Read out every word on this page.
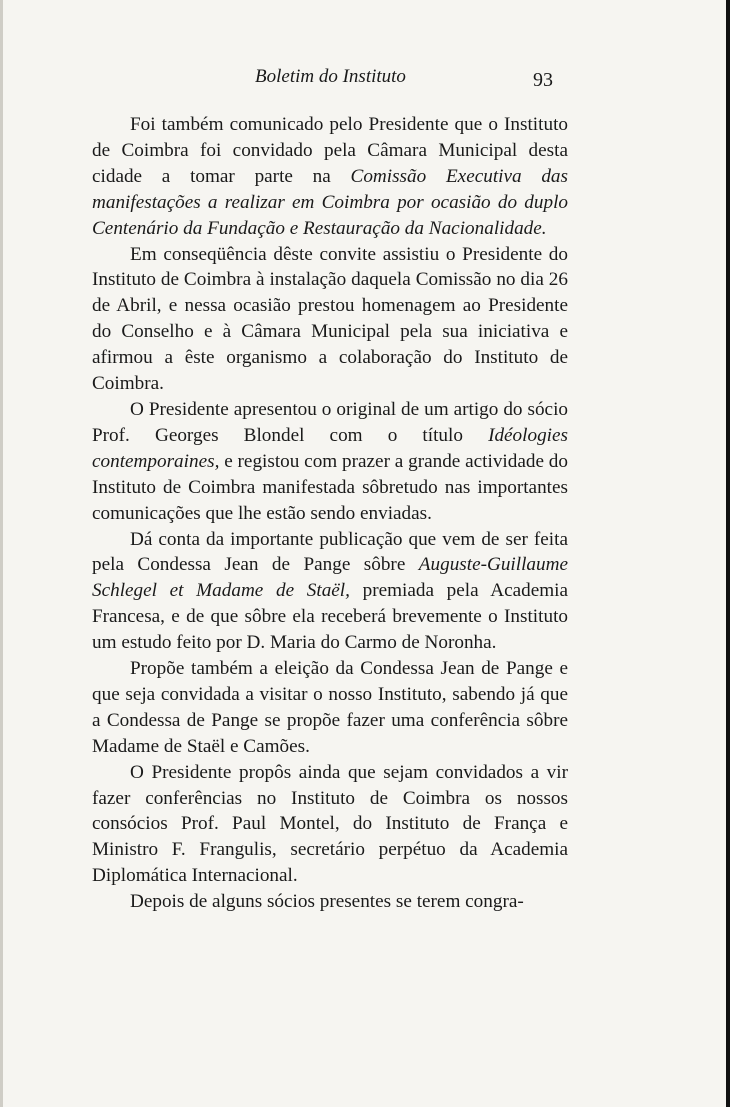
Boletim do Instituto	93

Foi também comunicado pelo Presidente que o Instituto de Coimbra foi convidado pela Câmara Municipal desta cidade a tomar parte na Comissão Executiva das manifestações a realizar em Coimbra por ocasião do duplo Centenário da Fundação e Restauração da Nacionalidade.

Em conseqüência dêste convite assistiu o Presidente do Instituto de Coimbra à instalação daquela Comissão no dia 26 de Abril, e nessa ocasião prestou homenagem ao Presidente do Conselho e à Câmara Municipal pela sua iniciativa e afirmou a êste organismo a colaboração do Instituto de Coimbra.

O Presidente apresentou o original de um artigo do sócio Prof. Georges Blondel com o título Idéologies contemporaines, e registou com prazer a grande actividade do Instituto de Coimbra manifestada sôbretudo nas importantes comunicações que lhe estão sendo enviadas.

Dá conta da importante publicação que vem de ser feita pela Condessa Jean de Pange sôbre Auguste-Guillaume Schlegel et Madame de Staël, premiada pela Academia Francesa, e de que sôbre ela receberá brevemente o Instituto um estudo feito por D. Maria do Carmo de Noronha.

Propõe também a eleição da Condessa Jean de Pange e que seja convidada a visitar o nosso Instituto, sabendo já que a Condessa de Pange se propõe fazer uma conferência sôbre Madame de Staël e Camões.

O Presidente propôs ainda que sejam convidados a vir fazer conferências no Instituto de Coimbra os nossos consócios Prof. Paul Montel, do Instituto de França e Ministro F. Frangulis, secretário perpétuo da Academia Diplomática Internacional.

Depois de alguns sócios presentes se terem congra-
